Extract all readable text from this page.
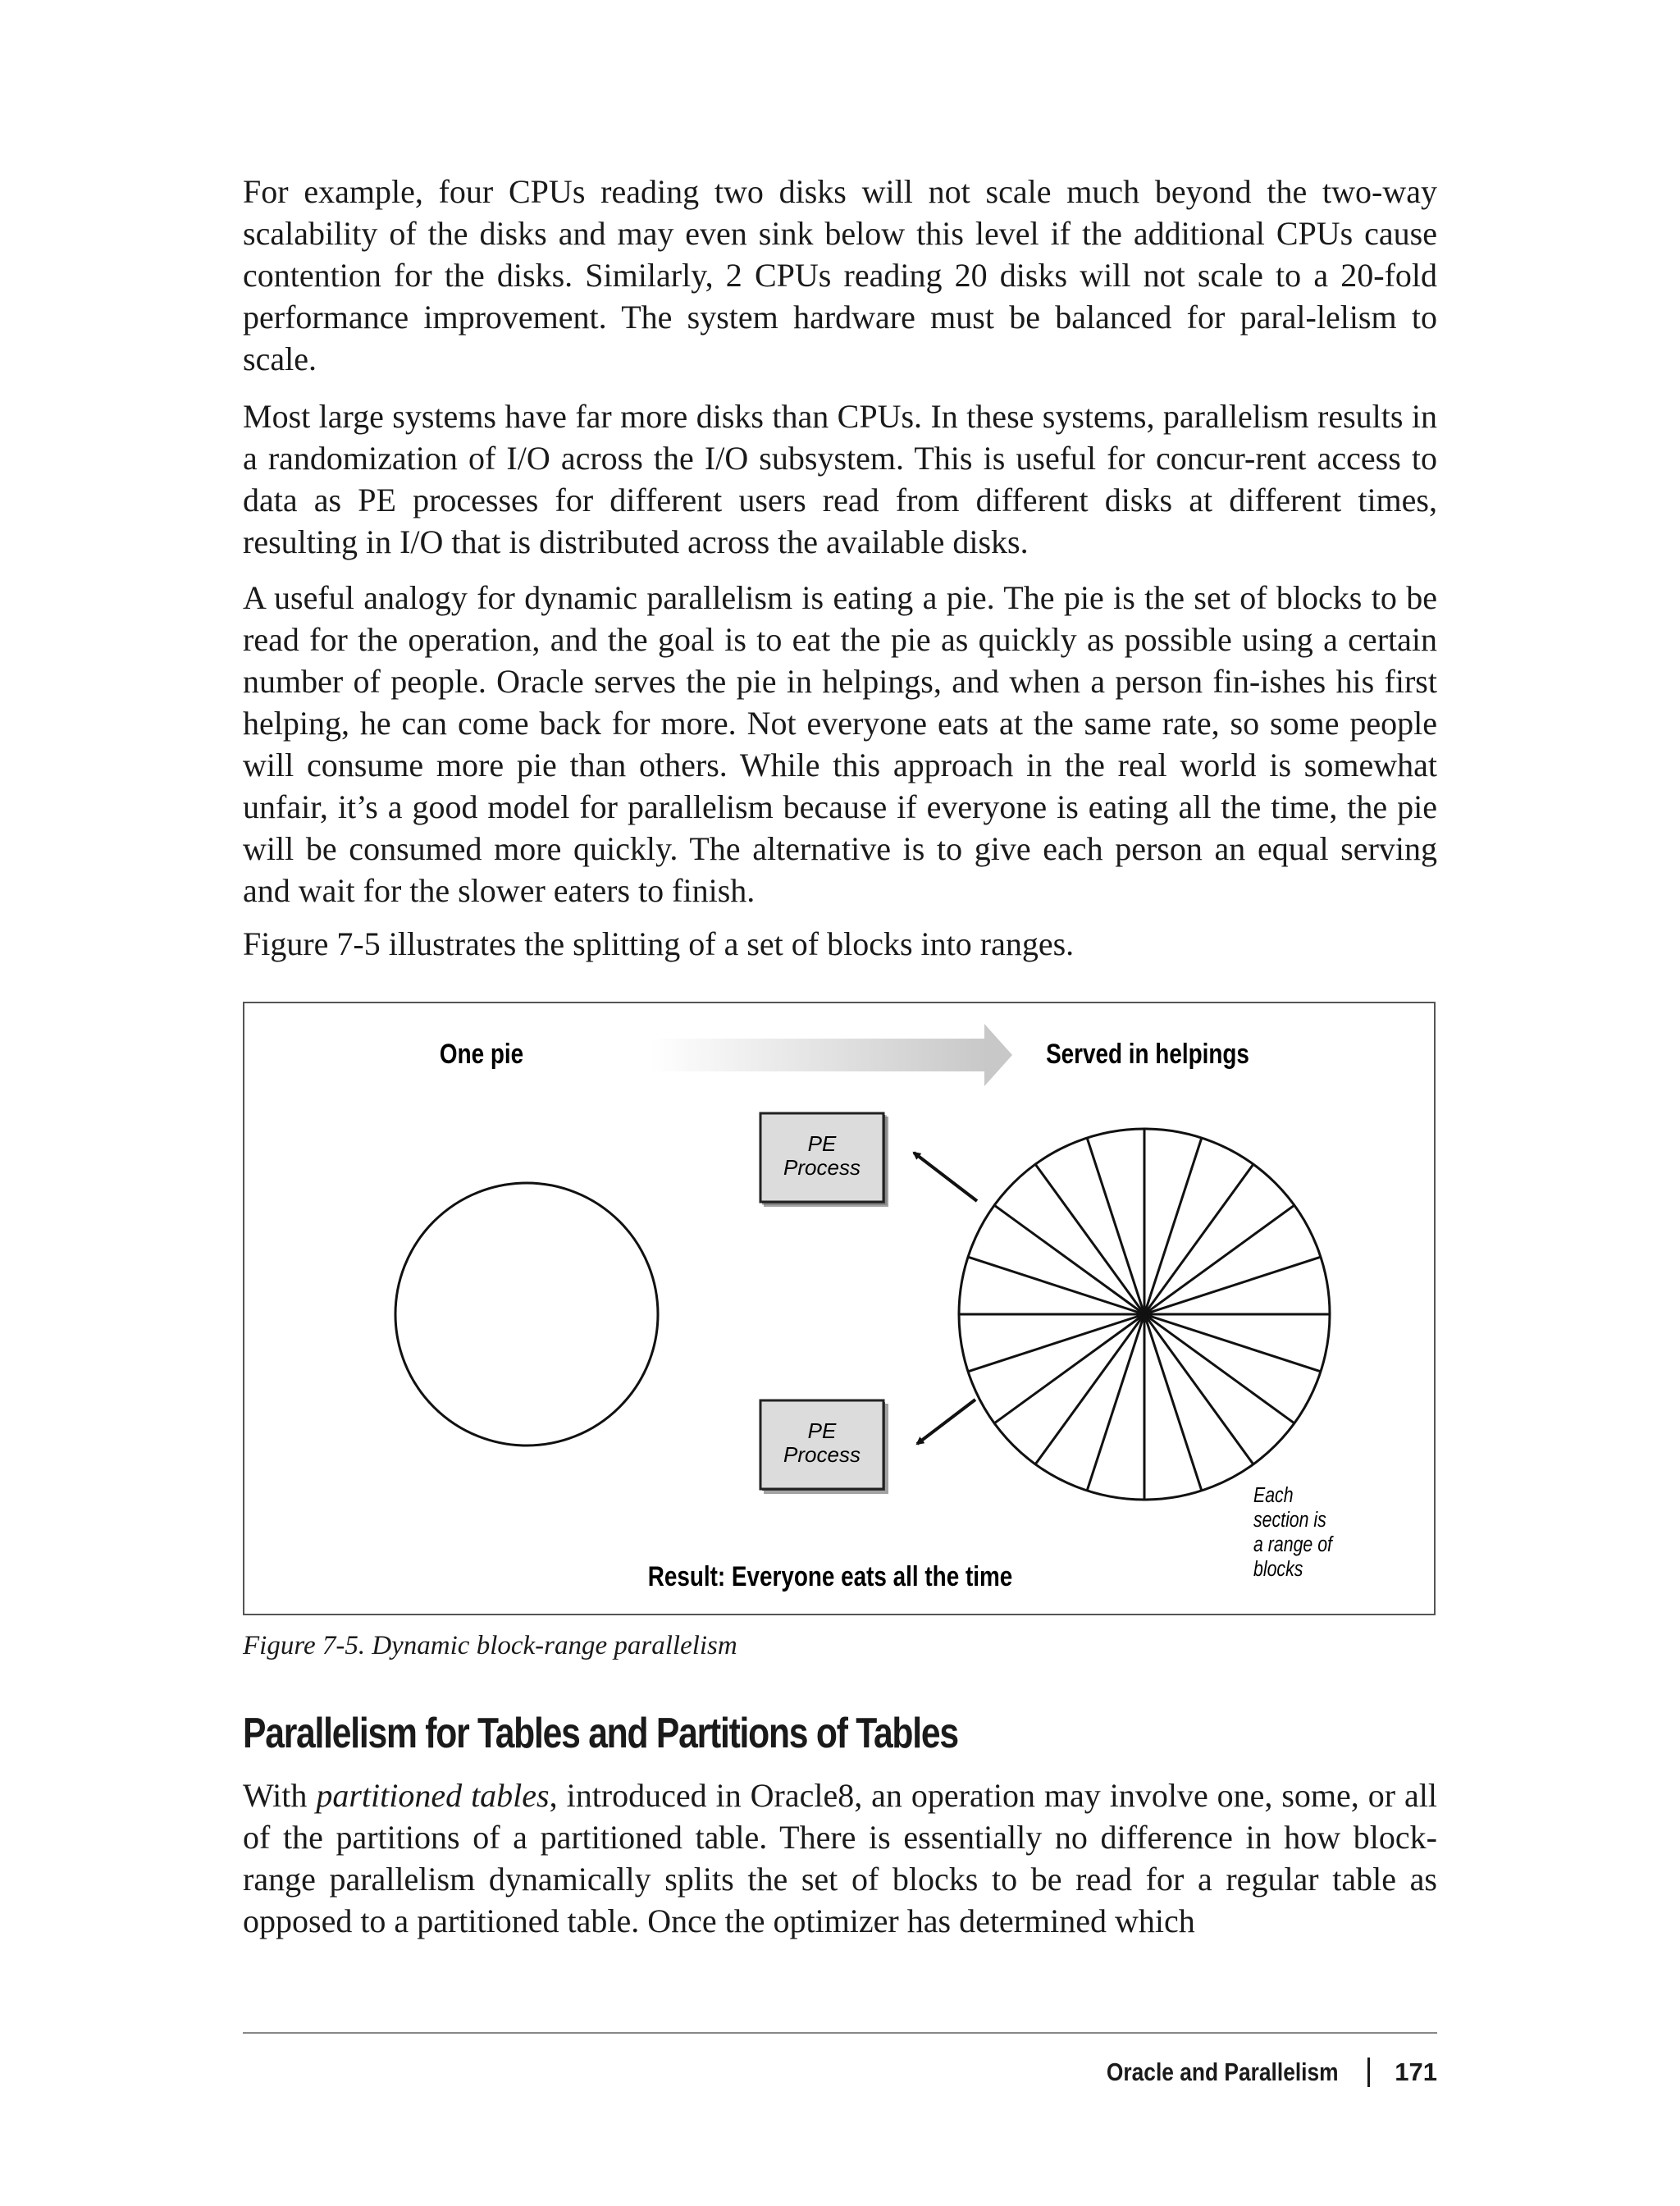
For example, four CPUs reading two disks will not scale much beyond the two-way scalability of the disks and may even sink below this level if the additional CPUs cause contention for the disks. Similarly, 2 CPUs reading 20 disks will not scale to a 20-fold performance improvement. The system hardware must be balanced for paral-lelism to scale.

Most large systems have far more disks than CPUs. In these systems, parallelism results in a randomization of I/O across the I/O subsystem. This is useful for concur-rent access to data as PE processes for different users read from different disks at different times, resulting in I/O that is distributed across the available disks.

A useful analogy for dynamic parallelism is eating a pie. The pie is the set of blocks to be read for the operation, and the goal is to eat the pie as quickly as possible using a certain number of people. Oracle serves the pie in helpings, and when a person fin-ishes his first helping, he can come back for more. Not everyone eats at the same rate, so some people will consume more pie than others. While this approach in the real world is somewhat unfair, it’s a good model for parallelism because if everyone is eating all the time, the pie will be consumed more quickly. The alternative is to give each person an equal serving and wait for the slower eaters to finish.

Figure 7-5 illustrates the splitting of a set of blocks into ranges.

One pie	Served in helpings
PE
Process
PE
Process
Result: Everyone eats all the time
Each
section is
a range of
blocks

Figure 7-5. Dynamic block-range parallelism

Parallelism for Tables and Partitions of Tables

With partitioned tables, introduced in Oracle8, an operation may involve one, some, or all of the partitions of a partitioned table. There is essentially no difference in how block-range parallelism dynamically splits the set of blocks to be read for a regular table as opposed to a partitioned table. Once the optimizer has determined which

Oracle and Parallelism 171
